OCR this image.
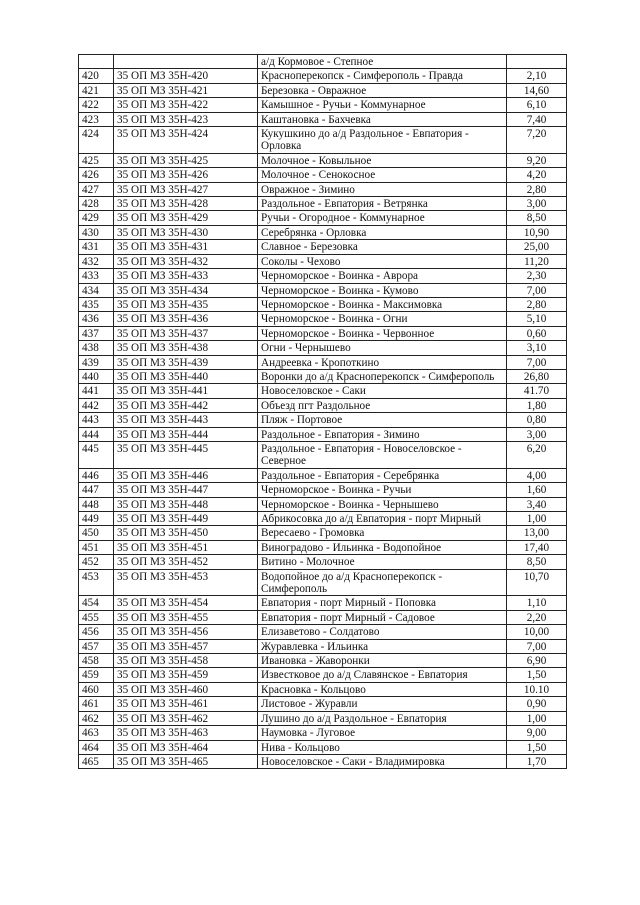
		а/д Кормовое - Степное	
420	35 ОП МЗ 35Н-420	Красноперекопск - Симферополь - Правда	2,10
421	35 ОП МЗ 35Н-421	Березовка - Овражное	14,60
422	35 ОП МЗ 35Н-422	Камышное - Ручьи - Коммунарное	6,10
423	35 ОП МЗ 35Н-423	Каштановка - Бахчевка	7,40
424	35 ОП МЗ 35Н-424	Кукушкино до а/д Раздольное - Евпатория - Орловка	7,20
425	35 ОП МЗ 35Н-425	Молочное - Ковыльное	9,20
426	35 ОП МЗ 35Н-426	Молочное - Сенокосное	4,20
427	35 ОП МЗ 35Н-427	Овражное - Зимино	2,80
428	35 ОП МЗ 35Н-428	Раздольное - Евпатория - Ветрянка	3,00
429	35 ОП МЗ 35Н-429	Ручьи - Огородное - Коммунарное	8,50
430	35 ОП МЗ 35Н-430	Серебрянка - Орловка	10,90
431	35 ОП МЗ 35Н-431	Славное - Березовка	25,00
432	35 ОП МЗ 35Н-432	Соколы - Чехово	11,20
433	35 ОП МЗ 35Н-433	Черноморское - Воинка - Аврора	2,30
434	35 ОП МЗ 35Н-434	Черноморское - Воинка - Кумово	7,00
435	35 ОП МЗ 35Н-435	Черноморское - Воинка - Максимовка	2,80
436	35 ОП МЗ 35Н-436	Черноморское - Воинка - Огни	5,10
437	35 ОП МЗ 35Н-437	Черноморское - Воинка - Червонное	0,60
438	35 ОП МЗ 35Н-438	Огни - Чернышево	3,10
439	35 ОП МЗ 35Н-439	Андреевка - Кропоткино	7,00
440	35 ОП МЗ 35Н-440	Воронки до а/д Красноперекопск - Симферополь	26,80
441	35 ОП МЗ 35Н-441	Новоселовское - Саки	41.70
442	35 ОП МЗ 35Н-442	Объезд пгт Раздольное	1,80
443	35 ОП МЗ 35Н-443	Пляж - Портовое	0,80
444	35 ОП МЗ 35Н-444	Раздольное - Евпатория - Зимино	3,00
445	35 ОП МЗ 35Н-445	Раздольное - Евпатория - Новоселовское - Северное	6,20
446	35 ОП МЗ 35Н-446	Раздольное - Евпатория - Серебрянка	4,00
447	35 ОП МЗ 35Н-447	Черноморское - Воинка - Ручьи	1,60
448	35 ОП МЗ 35Н-448	Черноморское - Воинка - Чернышево	3,40
449	35 ОП МЗ 35Н-449	Абрикосовка до а/д Евпатория - порт Мирный	1,00
450	35 ОП МЗ 35Н-450	Вересаево - Громовка	13,00
451	35 ОП МЗ 35Н-451	Виноградово - Ильинка - Водопойное	17,40
452	35 ОП МЗ 35Н-452	Витино - Молочное	8,50
453	35 ОП МЗ 35Н-453	Водопойное до а/д Красноперекопск - Симферополь	10,70
454	35 ОП МЗ 35Н-454	Евпатория - порт Мирный - Поповка	1,10
455	35 ОП МЗ 35Н-455	Евпатория - порт Мирный - Садовое	2,20
456	35 ОП МЗ 35Н-456	Елизаветово - Солдатово	10,00
457	35 ОП МЗ 35Н-457	Журавлевка - Ильинка	7,00
458	35 ОП МЗ 35Н-458	Ивановка - Жаворонки	6,90
459	35 ОП МЗ 35Н-459	Известковое до а/д Славянское - Евпатория	1,50
460	35 ОП МЗ 35Н-460	Красновка - Кольцово	10.10
461	35 ОП МЗ 35Н-461	Листовое - Журавли	0,90
462	35 ОП МЗ 35Н-462	Лушино до а/д Раздольное - Евпатория	1,00
463	35 ОП МЗ 35Н-463	Наумовка - Луговое	9,00
464	35 ОП МЗ 35Н-464	Нива - Кольцово	1,50
465	35 ОП МЗ 35Н-465	Новоселовское - Саки - Владимировка	1,70
